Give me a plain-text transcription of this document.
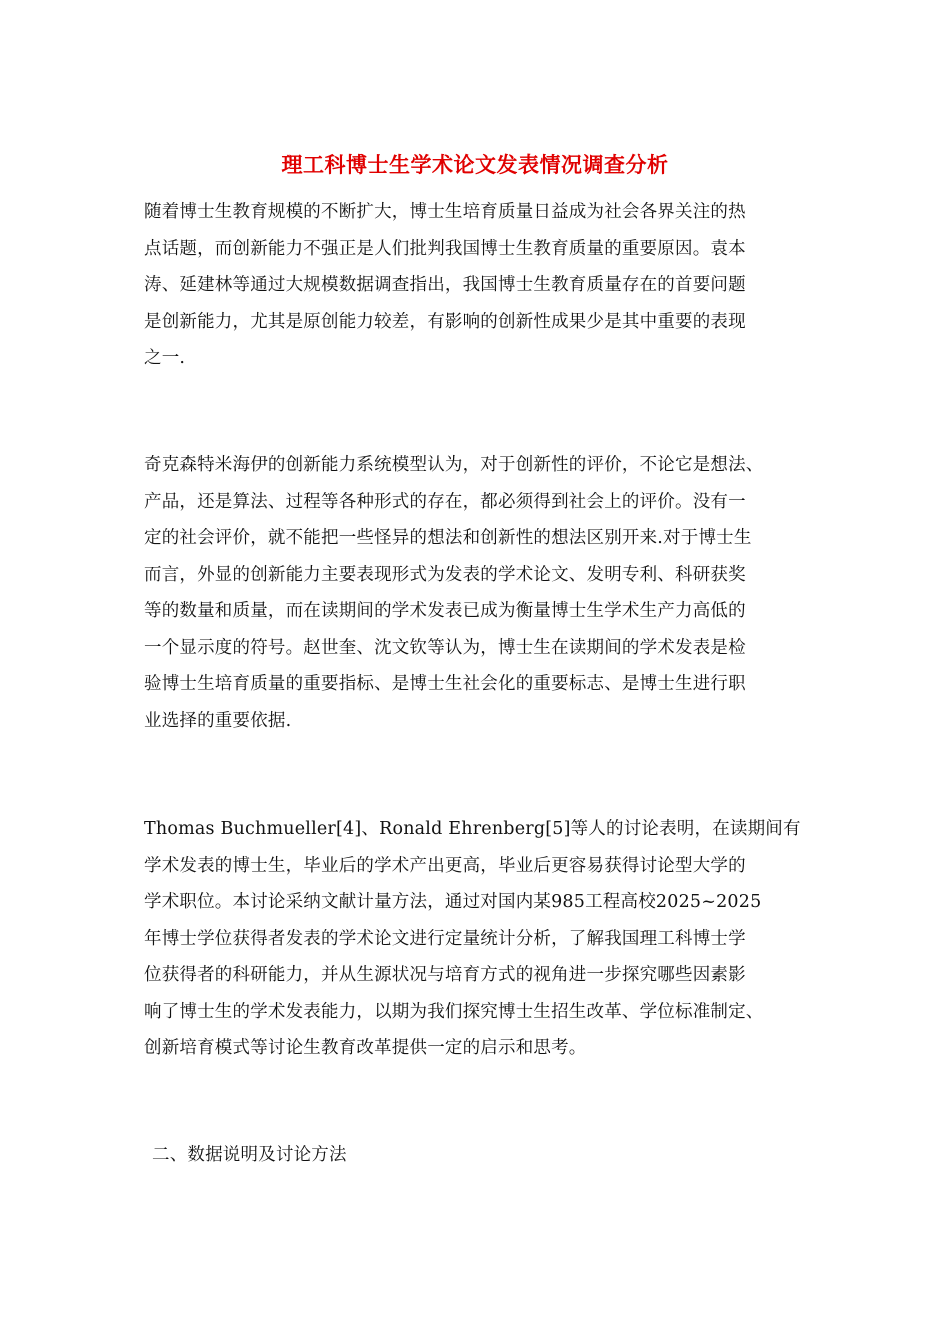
理工科博士生学术论文发表情况调查分析

随着博士生教育规模的不断扩大，博士生培育质量日益成为社会各界关注的热
点话题，而创新能力不强正是人们批判我国博士生教育质量的重要原因。袁本
涛、延建林等通过大规模数据调查指出，我国博士生教育质量存在的首要问题
是创新能力，尤其是原创能力较差，有影响的创新性成果少是其中重要的表现
之一.

奇克森特米海伊的创新能力系统模型认为，对于创新性的评价，不论它是想法、
产品，还是算法、过程等各种形式的存在，都必须得到社会上的评价。没有一
定的社会评价，就不能把一些怪异的想法和创新性的想法区别开来.对于博士生
而言，外显的创新能力主要表现形式为发表的学术论文、发明专利、科研获奖
等的数量和质量，而在读期间的学术发表已成为衡量博士生学术生产力高低的
一个显示度的符号。赵世奎、沈文钦等认为，博士生在读期间的学术发表是检
验博士生培育质量的重要指标、是博士生社会化的重要标志、是博士生进行职
业选择的重要依据.

Thomas Buchmueller[4]、Ronald Ehrenberg[5]等人的讨论表明，在读期间有
学术发表的博士生，毕业后的学术产出更高，毕业后更容易获得讨论型大学的
学术职位。本讨论采纳文献计量方法，通过对国内某985工程高校2025~2025
年博士学位获得者发表的学术论文进行定量统计分析，了解我国理工科博士学
位获得者的科研能力，并从生源状况与培育方式的视角进一步探究哪些因素影
响了博士生的学术发表能力，以期为我们探究博士生招生改革、学位标准制定、
创新培育模式等讨论生教育改革提供一定的启示和思考。

二、数据说明及讨论方法
